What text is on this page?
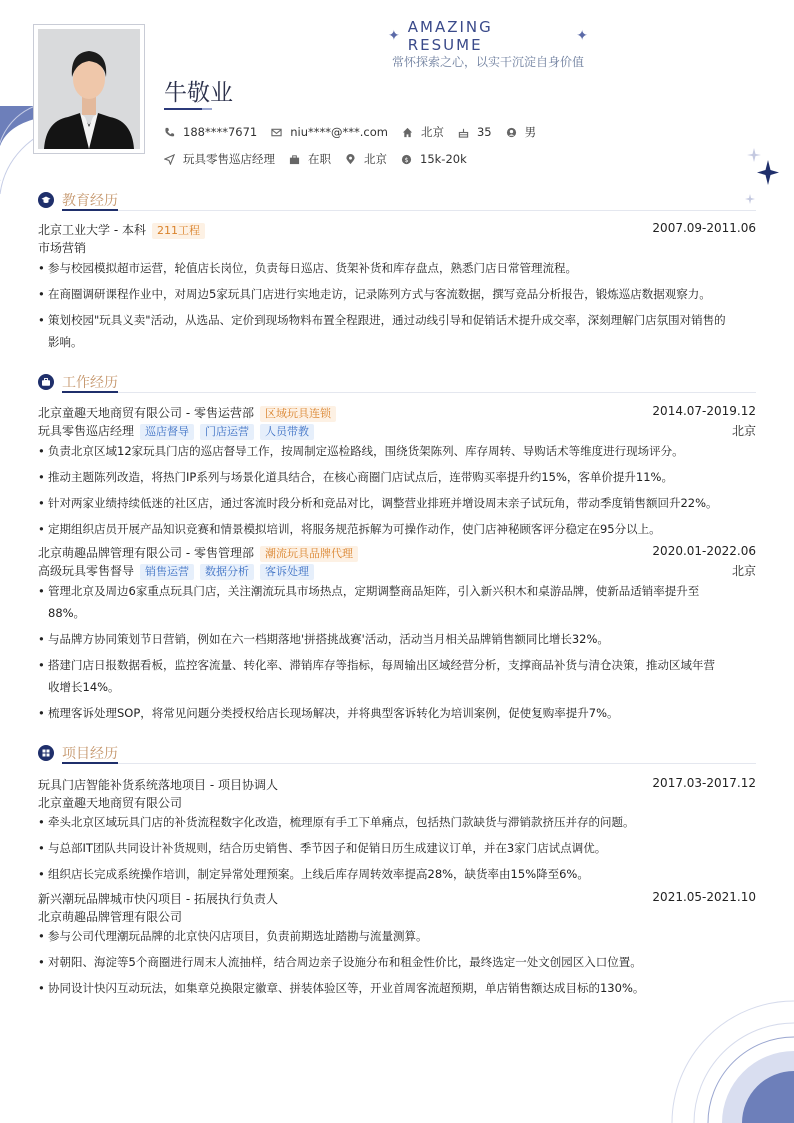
✦ AMAZING RESUME	✦
常怀探索之心，以实干沉淀自身价值
牛敬业
188****7671	niu****@***.com	北京	35	男
玩具零售巡店经理	在职	北京 $ 15k-20k
教育经历
北京工业大学 - 本科 211工程	2007.09-2011.06
市场营销
• 参与校园模拟超市运营，轮值店长岗位，负责每日巡店、货架补货和库存盘点，熟悉门店日常管理流程。
• 在商圈调研课程作业中，对周边5家玩具门店进行实地走访，记录陈列方式与客流数据，撰写竞品分析报告，锻炼巡店数据观察力。
• 策划校园"玩具义卖"活动，从选品、定价到现场物料布置全程跟进，通过动线引导和促销话术提升成交率，深刻理解门店氛围对销售的
影响。
工作经历
北京童趣天地商贸有限公司 - 零售运营部 区域玩具连锁	2014.07-2019.12
玩具零售巡店经理 巡店督导 门店运营 人员带教	北京
• 负责北京区域12家玩具门店的巡店督导工作，按周制定巡检路线，围绕货架陈列、库存周转、导购话术等维度进行现场评分。
• 推动主题陈列改造，将热门IP系列与场景化道具结合，在核心商圈门店试点后，连带购买率提升约15%，客单价提升11%。
• 针对两家业绩持续低迷的社区店，通过客流时段分析和竞品对比，调整营业排班并增设周末亲子试玩角，带动季度销售额回升22%。
• 定期组织店员开展产品知识竞赛和情景模拟培训，将服务规范拆解为可操作动作，使门店神秘顾客评分稳定在95分以上。
北京萌趣品牌管理有限公司 - 零售管理部 潮流玩具品牌代理	2020.01-2022.06
高级玩具零售督导 销售运营 数据分析 客诉处理	北京
• 管理北京及周边6家重点玩具门店，关注潮流玩具市场热点，定期调整商品矩阵，引入新兴积木和桌游品牌，使新品适销率提升至
88%。
• 与品牌方协同策划节日营销，例如在六一档期落地'拼搭挑战赛'活动，活动当月相关品牌销售额同比增长32%。
• 搭建门店日报数据看板，监控客流量、转化率、滞销库存等指标，每周输出区域经营分析，支撑商品补货与清仓决策，推动区域年营
收增长14%。
• 梳理客诉处理SOP，将常见问题分类授权给店长现场解决，并将典型客诉转化为培训案例，促使复购率提升7%。
项目经历
玩具门店智能补货系统落地项目 - 项目协调人	2017.03-2017.12
北京童趣天地商贸有限公司
• 牵头北京区域玩具门店的补货流程数字化改造，梳理原有手工下单痛点，包括热门款缺货与滞销款挤压并存的问题。
• 与总部IT团队共同设计补货规则，结合历史销售、季节因子和促销日历生成建议订单，并在3家门店试点调优。
• 组织店长完成系统操作培训，制定异常处理预案。上线后库存周转效率提高28%，缺货率由15%降至6%。
新兴潮玩品牌城市快闪项目 - 拓展执行负责人	2021.05-2021.10
北京萌趣品牌管理有限公司
• 参与公司代理潮玩品牌的北京快闪店项目，负责前期选址踏勘与流量测算。
• 对朝阳、海淀等5个商圈进行周末人流抽样，结合周边亲子设施分布和租金性价比，最终选定一处文创园区入口位置。
• 协同设计快闪互动玩法，如集章兑换限定徽章、拼装体验区等，开业首周客流超预期，单店销售额达成目标的130%。
